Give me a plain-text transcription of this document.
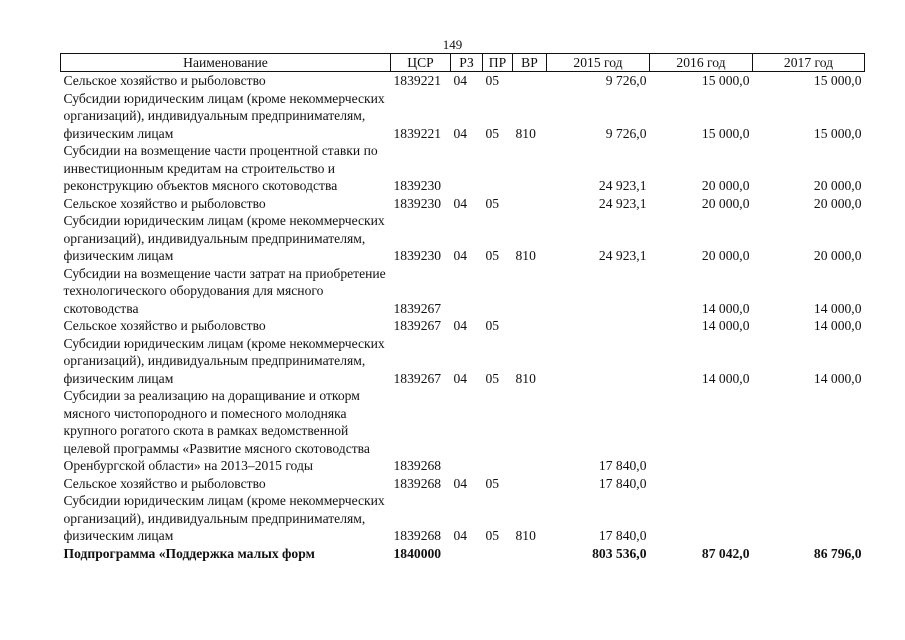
149
Наименование	ЦСР	РЗ	ПР	ВР	2015 год	2016 год	2017 год
Сельское хозяйство и рыболовство	1839221	04	05		9 726,0	15 000,0	15 000,0
Субсидии юридическим лицам (кроме некоммерческих организаций), индивидуальным предпринимателям, физическим лицам	1839221	04	05	810	9 726,0	15 000,0	15 000,0
Субсидии на возмещение части процентной ставки по инвестиционным кредитам на строительство и реконструкцию объектов мясного скотоводства	1839230				24 923,1	20 000,0	20 000,0
Сельское хозяйство и рыболовство	1839230	04	05		24 923,1	20 000,0	20 000,0
Субсидии юридическим лицам (кроме некоммерческих организаций), индивидуальным предпринимателям, физическим лицам	1839230	04	05	810	24 923,1	20 000,0	20 000,0
Субсидии на возмещение части затрат на приобретение технологического оборудования для мясного скотоводства	1839267					14 000,0	14 000,0
Сельское хозяйство и рыболовство	1839267	04	05			14 000,0	14 000,0
Субсидии юридическим лицам (кроме некоммерческих организаций), индивидуальным предпринимателям, физическим лицам	1839267	04	05	810		14 000,0	14 000,0
Субсидии за реализацию на доращивание и откорм мясного чистопородного и помесного молодняка крупного рогатого скота в рамках ведомственной целевой программы «Развитие мясного скотоводства Оренбургской области» на 2013–2015 годы	1839268				17 840,0		
Сельское хозяйство и рыболовство	1839268	04	05		17 840,0		
Субсидии юридическим лицам (кроме некоммерческих организаций), индивидуальным предпринимателям, физическим лицам	1839268	04	05	810	17 840,0		
Подпрограмма «Поддержка малых форм	1840000				803 536,0	87 042,0	86 796,0
